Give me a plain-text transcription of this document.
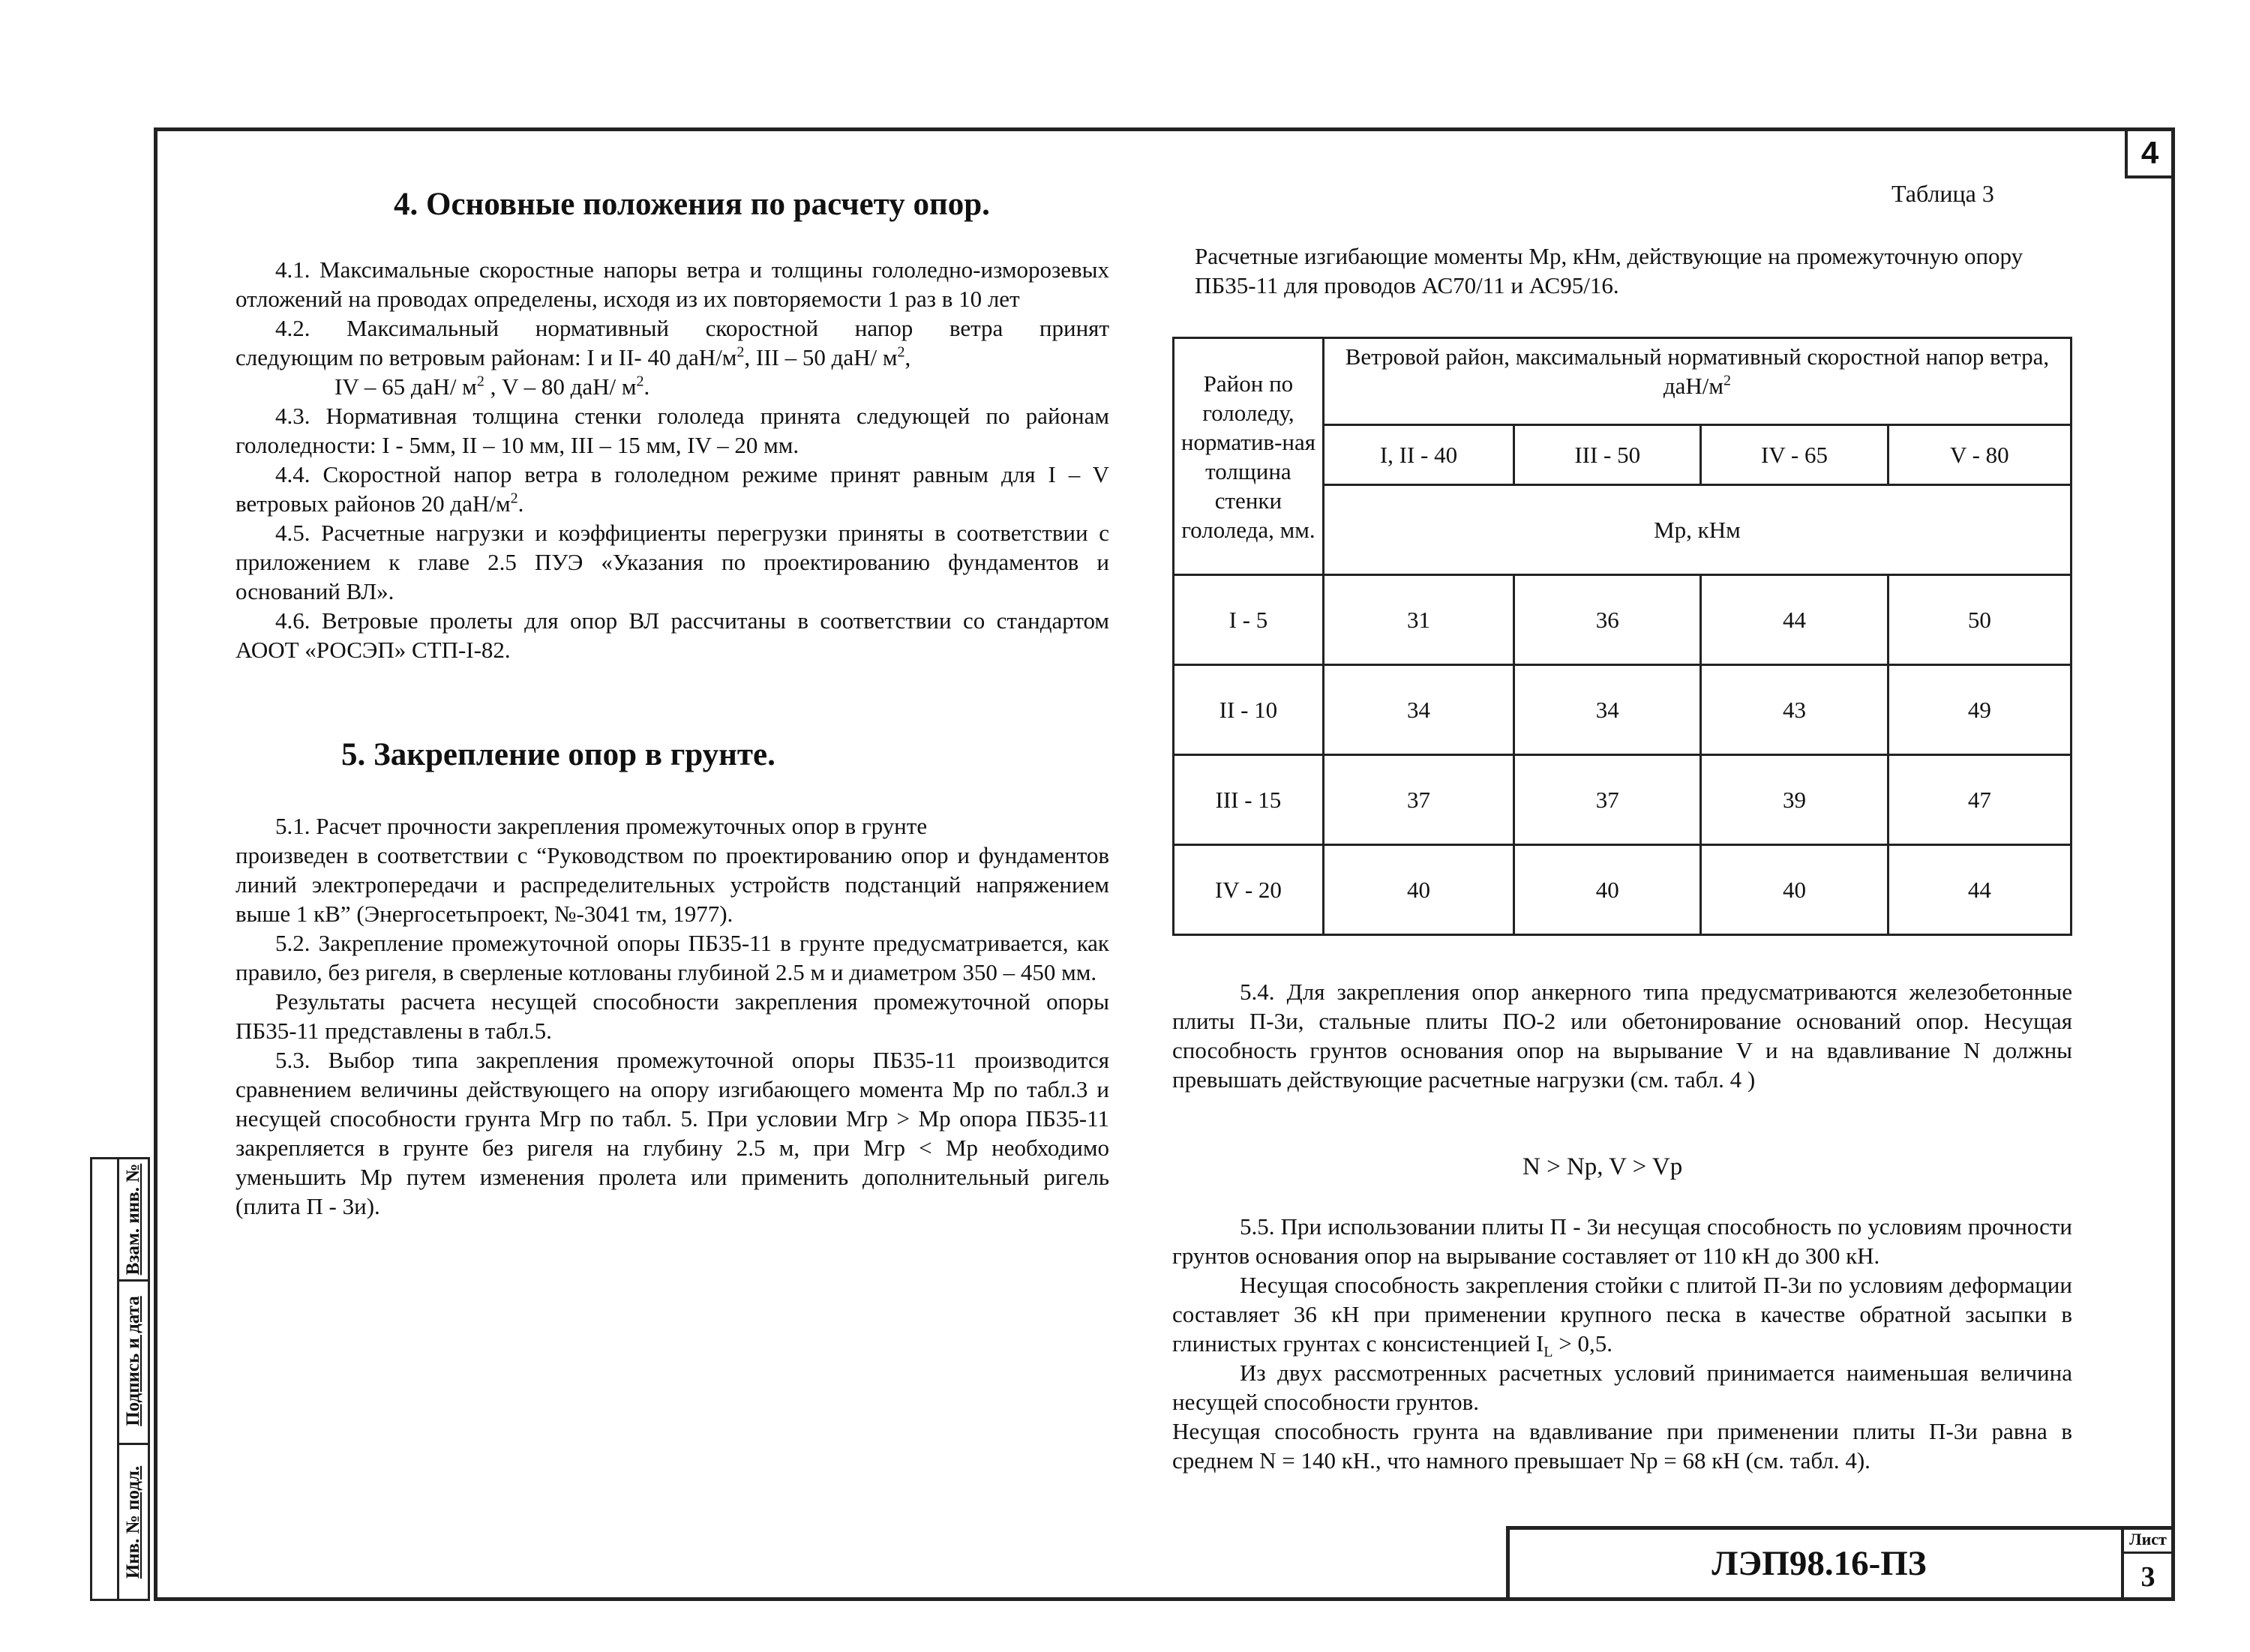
4
Взам. инв. №
Подпись и дата
Инв. № подл.
4. Основные положения по расчету опор.

4.1. Максимальные скоростные напоры ветра и толщины гололедно-изморозевых отложений на проводах определены, исходя из их повторяемости 1 раз в 10 лет

4.2. Максимальный нормативный скоростной напор ветра принят

следующим по ветровым районам: I и II- 40 даН/$м^2$, III – 50 даН/ $м^2$,

IV – 65 даН/ $м^2$ , V – 80 даН/ $м^2$.

4.3. Нормативная толщина стенки гололеда принята следующей по районам гололедности: I - 5мм, II – 10 мм, III – 15 мм, IV – 20 мм.

4.4. Скоростной напор ветра в гололедном режиме принят равным для I – V ветровых районов 20 даН/$м^2$.

4.5. Расчетные нагрузки и коэффициенты перегрузки приняты в соответствии с приложением к главе 2.5 ПУЭ «Указания по проектированию фундаментов и оснований ВЛ».

4.6. Ветровые пролеты для опор ВЛ рассчитаны в соответствии со стандартом АООТ «РОСЭП» СТП-I-82.

5. Закрепление опор в грунте.

5.1. Расчет прочности закрепления промежуточных опор в грунте

произведен в соответствии с “Руководством по проектированию опор и фундаментов линий электропередачи и распределительных устройств подстанций напряжением выше 1 кВ” (Энергосетьпроект, №-3041 тм, 1977).

5.2. Закрепление промежуточной опоры ПБ35-11 в грунте предусматривается, как правило, без ригеля, в сверленые котлованы глубиной 2.5 м и диаметром 350 – 450 мм.

Результаты расчета несущей способности закрепления промежуточной опоры ПБ35-11 представлены в табл.5.

5.3. Выбор типа закрепления промежуточной опоры ПБ35-11 производится сравнением величины действующего на опору изгибающего момента Мр по табл.3 и несущей способности грунта Мгр по табл. 5. При условии Мгр > Мр опора ПБ35-11 закрепляется в грунте без ригеля на глубину 2.5 м, при Мгр < Мр необходимо уменьшить Мр путем изменения пролета или применить дополнительный ригель (плита П - 3и).

Таблица 3
Расчетные изгибающие моменты Мр, кНм, действующие на промежуточную опору ПБ35-11 для проводов АС70/11 и АС95/16.
Район по гололеду, норматив-ная толщина стенки гололеда, мм.	Ветровой район, максимальный нормативный скоростной напор ветра, даН/$м^2$
	I, II - 40	III - 50	IV - 65	V - 80
	Мр, кНм			
I - 5	31	36	44	50
II - 10	34	34	43	49
III - 15	37	37	39	47
IV - 20	40	40	40	44

5.4. Для закрепления опор анкерного типа предусматриваются железобетонные плиты П-3и, стальные плиты ПО-2 или обетонирование оснований опор. Несущая способность грунтов основания опор на вырывание V и на вдавливание N должны превышать действующие расчетные нагрузки (см. табл. 4 )

N > Np, V > Vp

5.5. При использовании плиты П - 3и несущая способность по условиям прочности грунтов основания опор на вырывание составляет от 110 кН до 300 кН.

Несущая способность закрепления стойки с плитой П-3и по условиям деформации составляет 36 кН при применении крупного песка в качестве обратной засыпки в глинистых грунтах с консистенцией $I_L > 0,5$.

Из двух рассмотренных расчетных условий принимается наименьшая величина несущей способности грунтов.

Несущая способность грунта на вдавливание при применении плиты П-3и равна в среднем N = 140 кН., что намного превышает Np = 68 кН (см. табл. 4).

ЛЭП98.16-ПЗ
Лист
3
